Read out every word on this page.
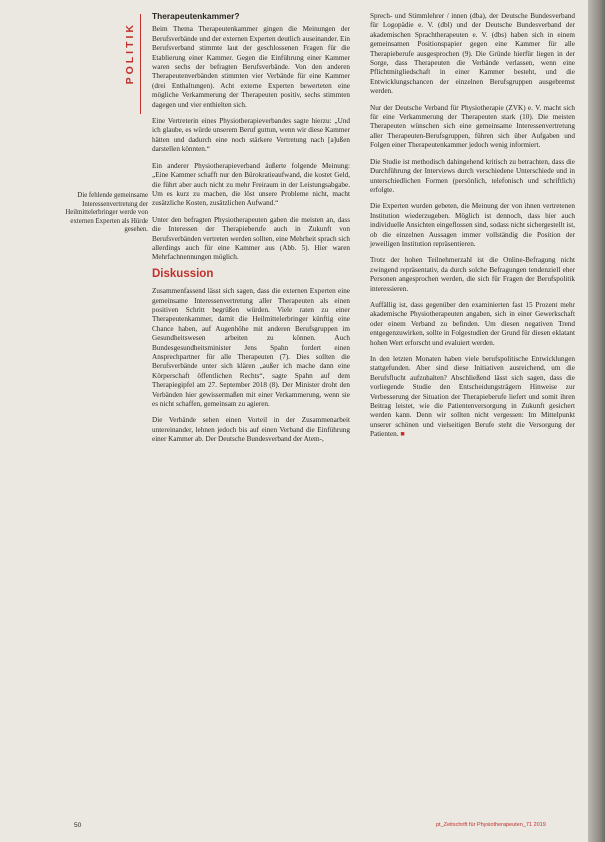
POLITIK
Die fehlende gemeinsame Interessenvertretung der Heilmittelerbringer werde von externen Experten als Hürde gesehen.
Therapeutenkammer?

Beim Thema Therapeutenkammer gingen die Meinungen der Berufsverbände und der externen Experten deutlich auseinander. Ein Berufsverband stimmte laut der geschlossenen Fragen für die Etablierung einer Kammer. Gegen die Einführung einer Kammer waren sechs der befragten Berufsverbände. Von den anderen Therapeutenverbänden stimmten vier Verbände für eine Kammer (drei Enthaltungen). Acht externe Experten bewerteten eine mögliche Verkammerung der Therapeuten positiv, sechs stimmten dagegen und vier enthielten sich.

Eine Vertreterin eines Physiotherapieverbandes sagte hierzu: „Und ich glaube, es würde unserem Beruf guttun, wenn wir diese Kammer hätten und dadurch eine noch stärkere Vertretung nach [a]ußen darstellen könnten.“

Ein anderer Physiotherapieverband äußerte folgende Meinung: „Eine Kammer schafft nur den Bürokratieaufwand, die kostet Geld, die führt aber auch nicht zu mehr Freiraum in der Leistungsabgabe. Um es kurz zu machen, die löst unsere Probleme nicht, macht zusätzliche Kosten, zusätzlichen Aufwand.“

Unter den befragten Physiotherapeuten gaben die meisten an, dass die Interessen der Therapieberufe auch in Zukunft von Berufsverbänden vertreten werden sollten, eine Mehrheit sprach sich allerdings auch für eine Kammer aus (Abb. 5). Hier waren Mehrfachnennungen möglich.

Diskussion

Zusammenfassend lässt sich sagen, dass die externen Experten eine gemeinsame Interessenvertretung aller Therapeuten als einen positiven Schritt begrüßen würden. Viele raten zu einer Therapeutenkammer, damit die Heilmittelerbringer künftig eine Chance haben, auf Augenhöhe mit anderen Berufsgruppen im Gesundheitswesen arbeiten zu können. Auch Bundesgesundheitsminister Jens Spahn fordert einen Ansprechpartner für alle Therapeuten (7). Dies sollten die Berufsverbände unter sich klären „außer ich mache dann eine Körperschaft öffentlichen Rechts“, sagte Spahn auf dem Therapiegipfel am 27. September 2018 (8). Der Minister droht den Verbänden hier gewissermaßen mit einer Verkammerung, wenn sie es nicht schaffen, gemeinsam zu agieren.

Die Verbände sehen einen Vorteil in der Zusammenarbeit untereinander, lehnen jedoch bis auf einen Verband die Einführung einer Kammer ab. Der Deutsche Bundesverband der Atem-,

Sprech- und Stimmlehrer / innen (dba), der Deutsche Bundesverband für Logopädie e. V. (dbl) und der Deutsche Bundesverband der akademischen Sprachtherapeuten e. V. (dbs) haben sich in einem gemeinsamen Positionspapier gegen eine Kammer für alle Therapieberufe ausgesprochen (9). Die Gründe hierfür liegen in der Sorge, dass Therapeuten die Verbände verlassen, wenn eine Pflichtmitgliedschaft in einer Kammer besteht, und die Entwicklungschancen der einzelnen Berufsgruppen ausgebremst werden.

Nur der Deutsche Verband für Physiotherapie (ZVK) e. V. macht sich für eine Verkammerung der Therapeuten stark (10). Die meisten Therapeuten wünschen sich eine gemeinsame Interessenvertretung aller Therapeuten-Berufsgruppen, führen sich über Aufgaben und Folgen einer Therapeutenkammer jedoch wenig informiert.

Die Studie ist methodisch dahingehend kritisch zu betrachten, dass die Durchführung der Interviews durch verschiedene Unterschiede und in unterschiedlichen Formen (persönlich, telefonisch und schriftlich) erfolgte.

Die Experten wurden gebeten, die Meinung der von ihnen vertretenen Institution wiederzugeben. Möglich ist dennoch, dass hier auch individuelle Ansichten eingeflossen sind, sodass nicht sichergestellt ist, ob die einzelnen Aussagen immer vollständig die Position der jeweiligen Institution repräsentieren.

Trotz der hohen Teilnehmerzahl ist die Online-Befragung nicht zwingend repräsentativ, da durch solche Befragungen tendenziell eher Personen angesprochen werden, die sich für Fragen der Berufspolitik interessieren.

Auffällig ist, dass gegenüber den examinierten fast 15 Prozent mehr akademische Physiotherapeuten angaben, sich in einer Gewerkschaft oder einem Verband zu befinden. Um diesen negativen Trend entgegenzuwirken, sollte in Folgestudien der Grund für diesen eklatant hohen Wert erforscht und evaluiert werden.

In den letzten Monaten haben viele berufspolitische Entwicklungen stattgefunden. Aber sind diese Initiativen ausreichend, um die Berufsflucht aufzuhalten? Abschließend lässt sich sagen, dass die vorliegende Studie den Entscheidungsträgern Hinweise zur Verbesserung der Situation der Therapieberufe liefert und somit ihren Beitrag leistet, wie die Patientenversorgung in Zukunft gesichert werden kann. Denn wir sollten nicht vergessen: Im Mittelpunkt unserer schönen und vielseitigen Berufe steht die Versorgung der Patienten. ■

50	pt_Zeitschrift für Physiotherapeuten_71 2019
